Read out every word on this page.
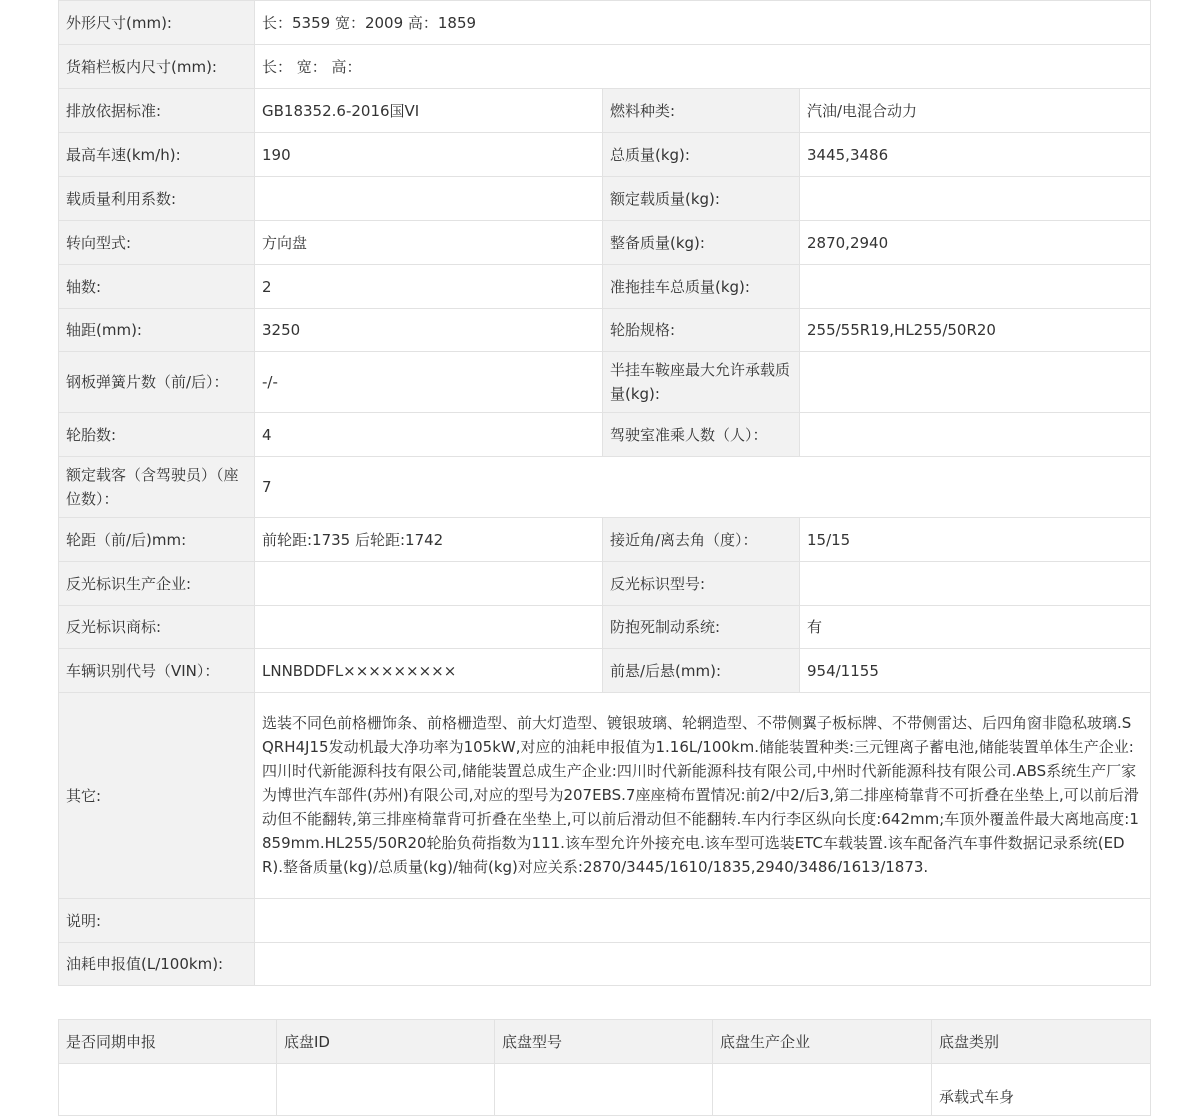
外形尺寸(mm):	长：5359 宽：2009 高：1859		
货箱栏板内尺寸(mm):	长： 宽： 高：		
排放依据标准:	GB18352.6-2016国VI	燃料种类:	汽油/电混合动力
最高车速(km/h):	190	总质量(kg):	3445,3486
载质量利用系数:		额定载质量(kg):	
转向型式:	方向盘	整备质量(kg):	2870,2940
轴数:	2	准拖挂车总质量(kg):	
轴距(mm):	3250	轮胎规格:	255/55R19,HL255/50R20
钢板弹簧片数（前/后）：	-/-	半挂车鞍座最大允许承载质量(kg):	
轮胎数:	4	驾驶室准乘人数（人）：	
额定载客（含驾驶员）（座位数）：	7		
轮距（前/后)mm:	前轮距:1735 后轮距:1742	接近角/离去角（度）：	15/15
反光标识生产企业:		反光标识型号:	
反光标识商标:		防抱死制动系统:	有
车辆识别代号（VIN）：	LNNBDDFL×××××××××	前悬/后悬(mm):	954/1155
其它:	选装不同色前格栅饰条、前格栅造型、前大灯造型、镀银玻璃、轮辋造型、不带侧翼子板标牌、不带侧雷达、后四角窗非隐私玻璃.SQRH4J15发动机最大净功率为105kW,对应的油耗申报值为1.16L/100km.储能装置种类:三元锂离子蓄电池,储能装置单体生产企业:四川时代新能源科技有限公司,储能装置总成生产企业:四川时代新能源科技有限公司,中州时代新能源科技有限公司.ABS系统生产厂家为博世汽车部件(苏州)有限公司,对应的型号为207EBS.7座座椅布置情况:前2/中2/后3,第二排座椅靠背不可折叠在坐垫上,可以前后滑动但不能翻转,第三排座椅靠背可折叠在坐垫上,可以前后滑动但不能翻转.车内行李区纵向长度:642mm;车顶外覆盖件最大离地高度:1859mm.HL255/50R20轮胎负荷指数为111.该车型允许外接充电.该车型可选装ETC车载装置.该车配备汽车事件数据记录系统(EDR).整备质量(kg)/总质量(kg)/轴荷(kg)对应关系:2870/3445/1610/1835,2940/3486/1613/1873.		
说明:			
油耗申报值(L/100km):			
是否同期申报	底盘ID	底盘型号	底盘生产企业	底盘类别
				承载式车身
